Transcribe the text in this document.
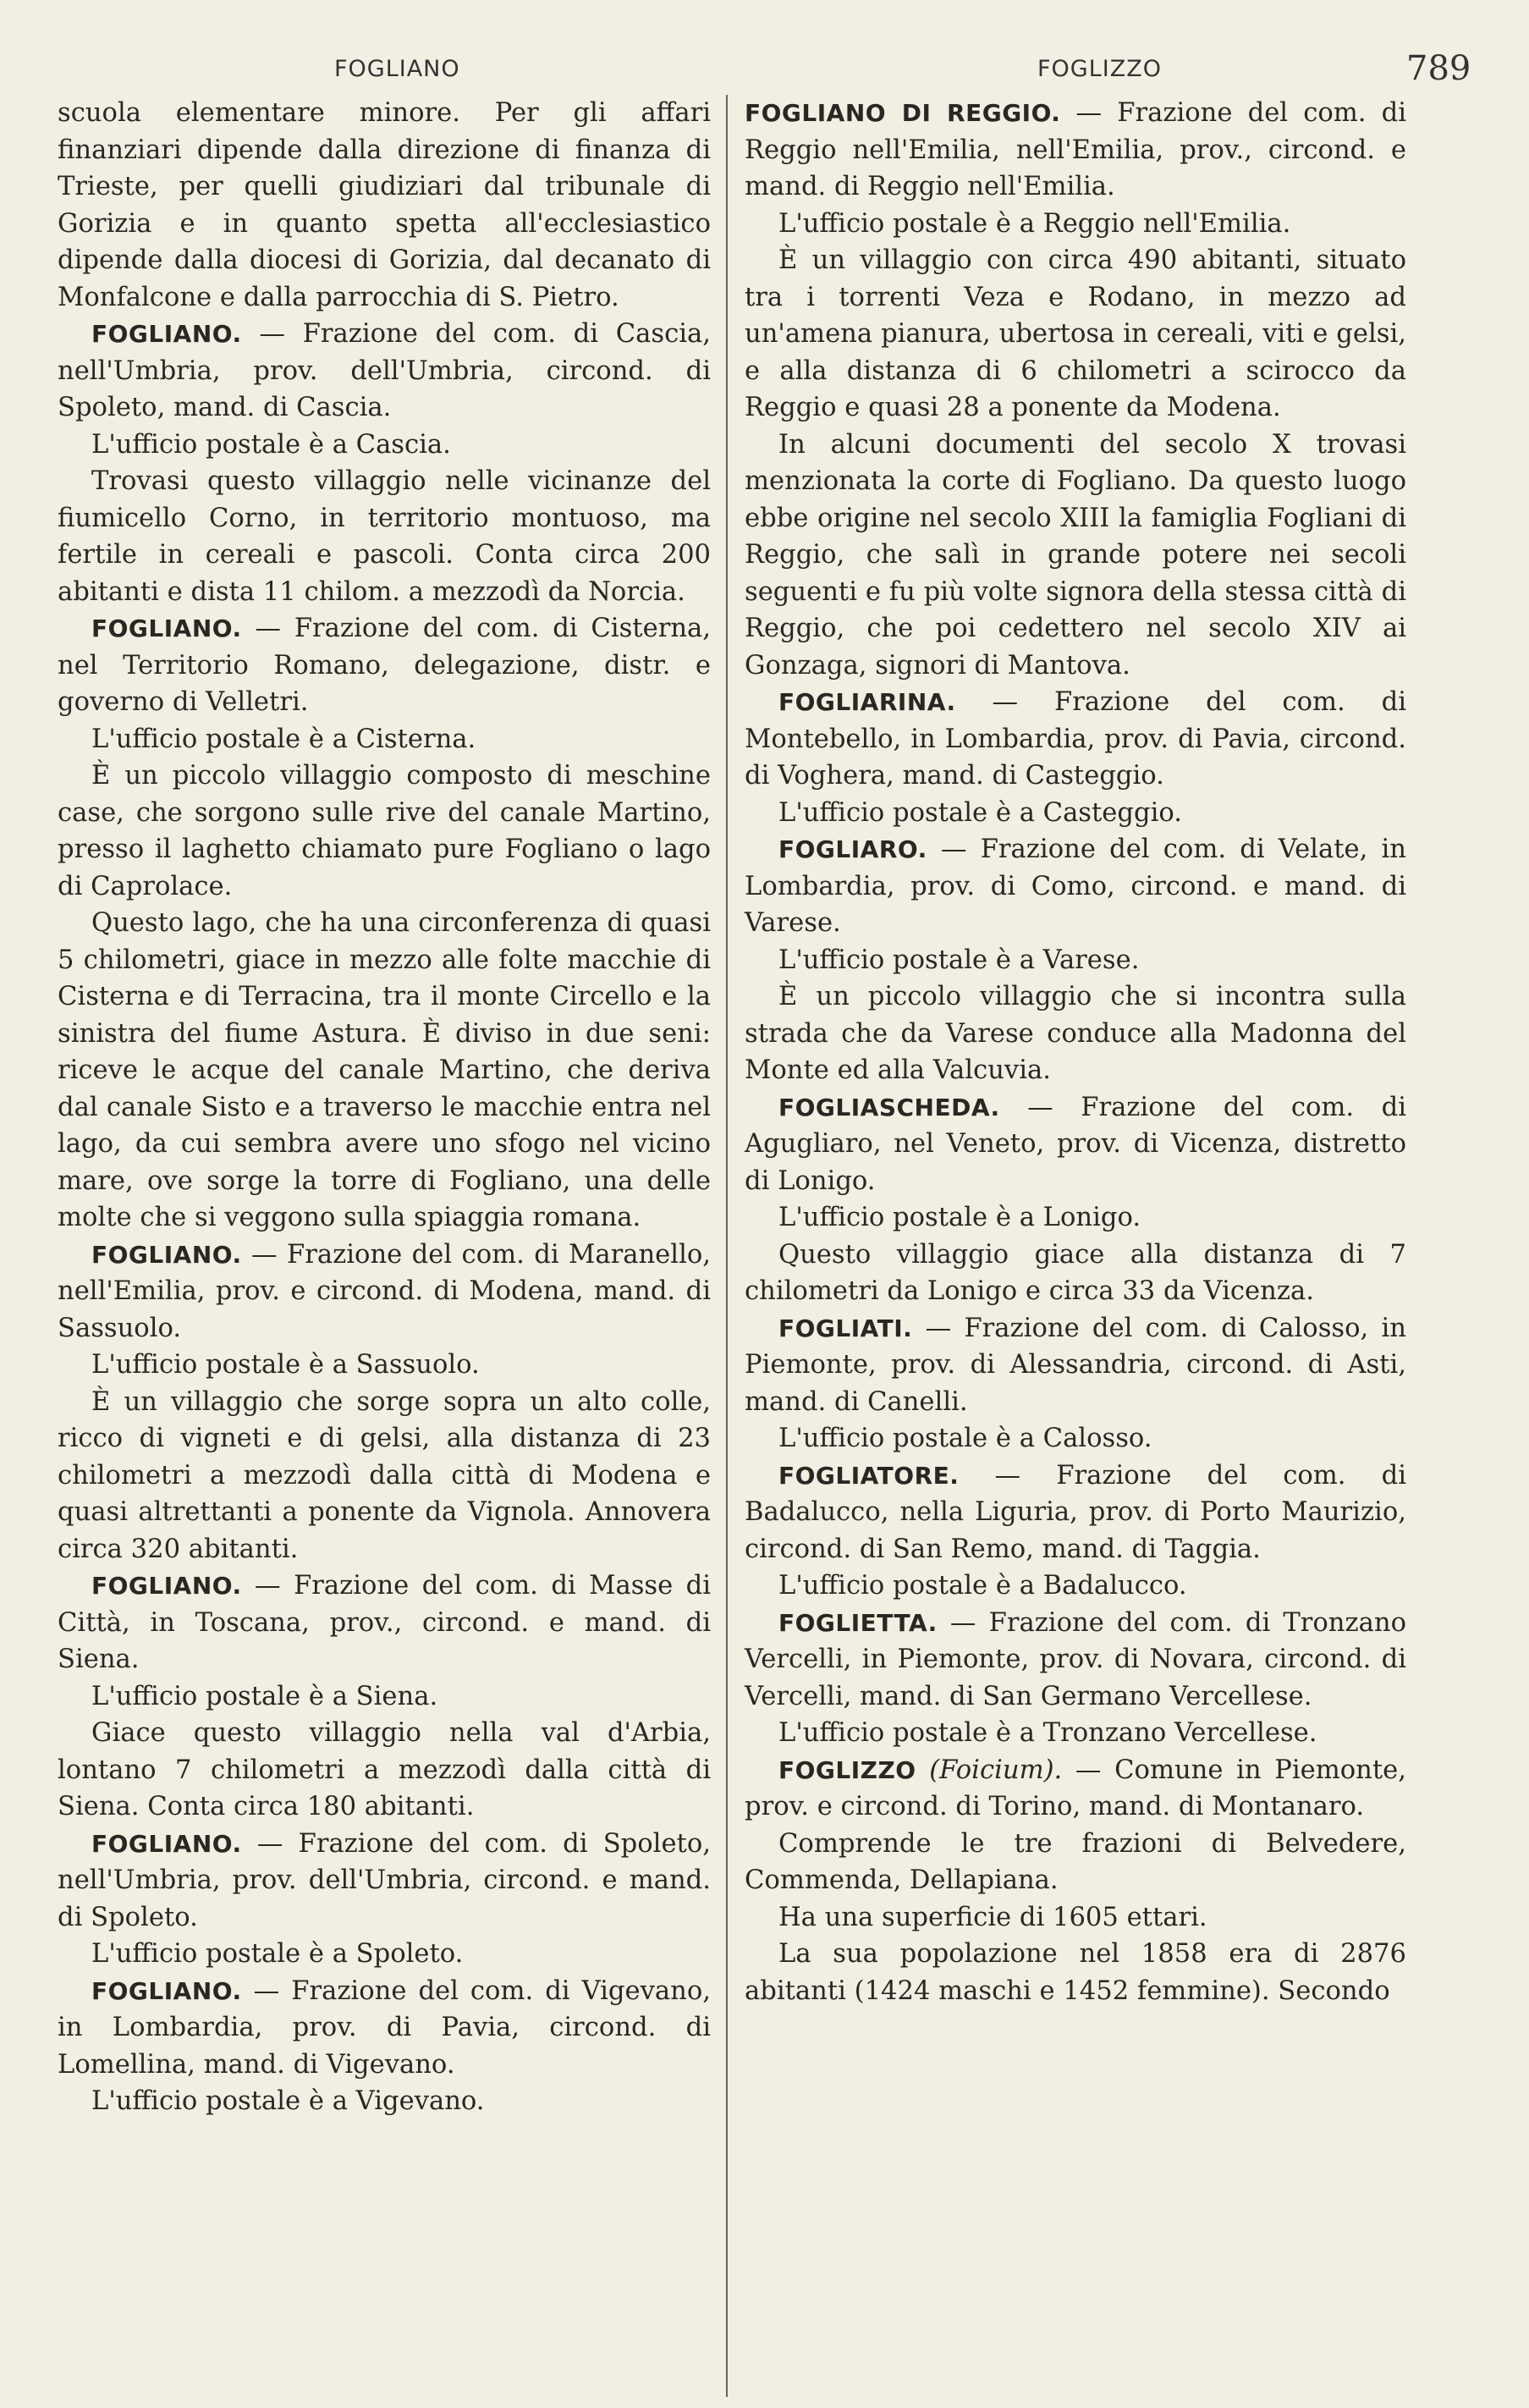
FOGLIANO	FOGLIZZO	789

scuola elementare minore. Per gli affari finanziari dipende dalla direzione di finanza di Trieste, per quelli giudiziari dal tribunale di Gorizia e in quanto spetta all'ecclesiastico dipende dalla diocesi di Gorizia, dal decanato di Monfalcone e dalla parrocchia di S. Pietro.

FOGLIANO. — Frazione del com. di Cascia, nell'Umbria, prov. dell'Umbria, circond. di Spoleto, mand. di Cascia.

L'ufficio postale è a Cascia.

Trovasi questo villaggio nelle vicinanze del fiumicello Corno, in territorio montuoso, ma fertile in cereali e pascoli. Conta circa 200 abitanti e dista 11 chilom. a mezzodì da Norcia.

FOGLIANO. — Frazione del com. di Cisterna, nel Territorio Romano, delegazione, distr. e governo di Velletri.

L'ufficio postale è a Cisterna.

È un piccolo villaggio composto di meschine case, che sorgono sulle rive del canale Martino, presso il laghetto chiamato pure Fogliano o lago di Caprolace.

Questo lago, che ha una circonferenza di quasi 5 chilometri, giace in mezzo alle folte macchie di Cisterna e di Terracina, tra il monte Circello e la sinistra del fiume Astura. È diviso in due seni: riceve le acque del canale Martino, che deriva dal canale Sisto e a traverso le macchie entra nel lago, da cui sembra avere uno sfogo nel vicino mare, ove sorge la torre di Fogliano, una delle molte che si veggono sulla spiaggia romana.

FOGLIANO. — Frazione del com. di Maranello, nell'Emilia, prov. e circond. di Modena, mand. di Sassuolo.

L'ufficio postale è a Sassuolo.

È un villaggio che sorge sopra un alto colle, ricco di vigneti e di gelsi, alla distanza di 23 chilometri a mezzodì dalla città di Modena e quasi altrettanti a ponente da Vignola. Annovera circa 320 abitanti.

FOGLIANO. — Frazione del com. di Masse di Città, in Toscana, prov., circond. e mand. di Siena.

L'ufficio postale è a Siena.

Giace questo villaggio nella val d'Arbia, lontano 7 chilometri a mezzodì dalla città di Siena. Conta circa 180 abitanti.

FOGLIANO. — Frazione del com. di Spoleto, nell'Umbria, prov. dell'Umbria, circond. e mand. di Spoleto.

L'ufficio postale è a Spoleto.

FOGLIANO. — Frazione del com. di Vigevano, in Lombardia, prov. di Pavia, circond. di Lomellina, mand. di Vigevano.

L'ufficio postale è a Vigevano.

FOGLIANO DI REGGIO. — Frazione del com. di Reggio nell'Emilia, nell'Emilia, prov., circond. e mand. di Reggio nell'Emilia.

L'ufficio postale è a Reggio nell'Emilia.

È un villaggio con circa 490 abitanti, situato tra i torrenti Veza e Rodano, in mezzo ad un'amena pianura, ubertosa in cereali, viti e gelsi, e alla distanza di 6 chilometri a scirocco da Reggio e quasi 28 a ponente da Modena.

In alcuni documenti del secolo X trovasi menzionata la corte di Fogliano. Da questo luogo ebbe origine nel secolo XIII la famiglia Fogliani di Reggio, che salì in grande potere nei secoli seguenti e fu più volte signora della stessa città di Reggio, che poi cedettero nel secolo XIV ai Gonzaga, signori di Mantova.

FOGLIARINA. — Frazione del com. di Montebello, in Lombardia, prov. di Pavia, circond. di Voghera, mand. di Casteggio.

L'ufficio postale è a Casteggio.

FOGLIARO. — Frazione del com. di Velate, in Lombardia, prov. di Como, circond. e mand. di Varese.

L'ufficio postale è a Varese.

È un piccolo villaggio che si incontra sulla strada che da Varese conduce alla Madonna del Monte ed alla Valcuvia.

FOGLIASCHEDA. — Frazione del com. di Agugliaro, nel Veneto, prov. di Vicenza, distretto di Lonigo.

L'ufficio postale è a Lonigo.

Questo villaggio giace alla distanza di 7 chilometri da Lonigo e circa 33 da Vicenza.

FOGLIATI. — Frazione del com. di Calosso, in Piemonte, prov. di Alessandria, circond. di Asti, mand. di Canelli.

L'ufficio postale è a Calosso.

FOGLIATORE. — Frazione del com. di Badalucco, nella Liguria, prov. di Porto Maurizio, circond. di San Remo, mand. di Taggia.

L'ufficio postale è a Badalucco.

FOGLIETTA. — Frazione del com. di Tronzano Vercelli, in Piemonte, prov. di Novara, circond. di Vercelli, mand. di San Germano Vercellese.

L'ufficio postale è a Tronzano Vercellese.

FOGLIZZO (Foicium). — Comune in Piemonte, prov. e circond. di Torino, mand. di Montanaro.

Comprende le tre frazioni di Belvedere, Commenda, Dellapiana.

Ha una superficie di 1605 ettari.

La sua popolazione nel 1858 era di 2876 abitanti (1424 maschi e 1452 femmine). Secondo
